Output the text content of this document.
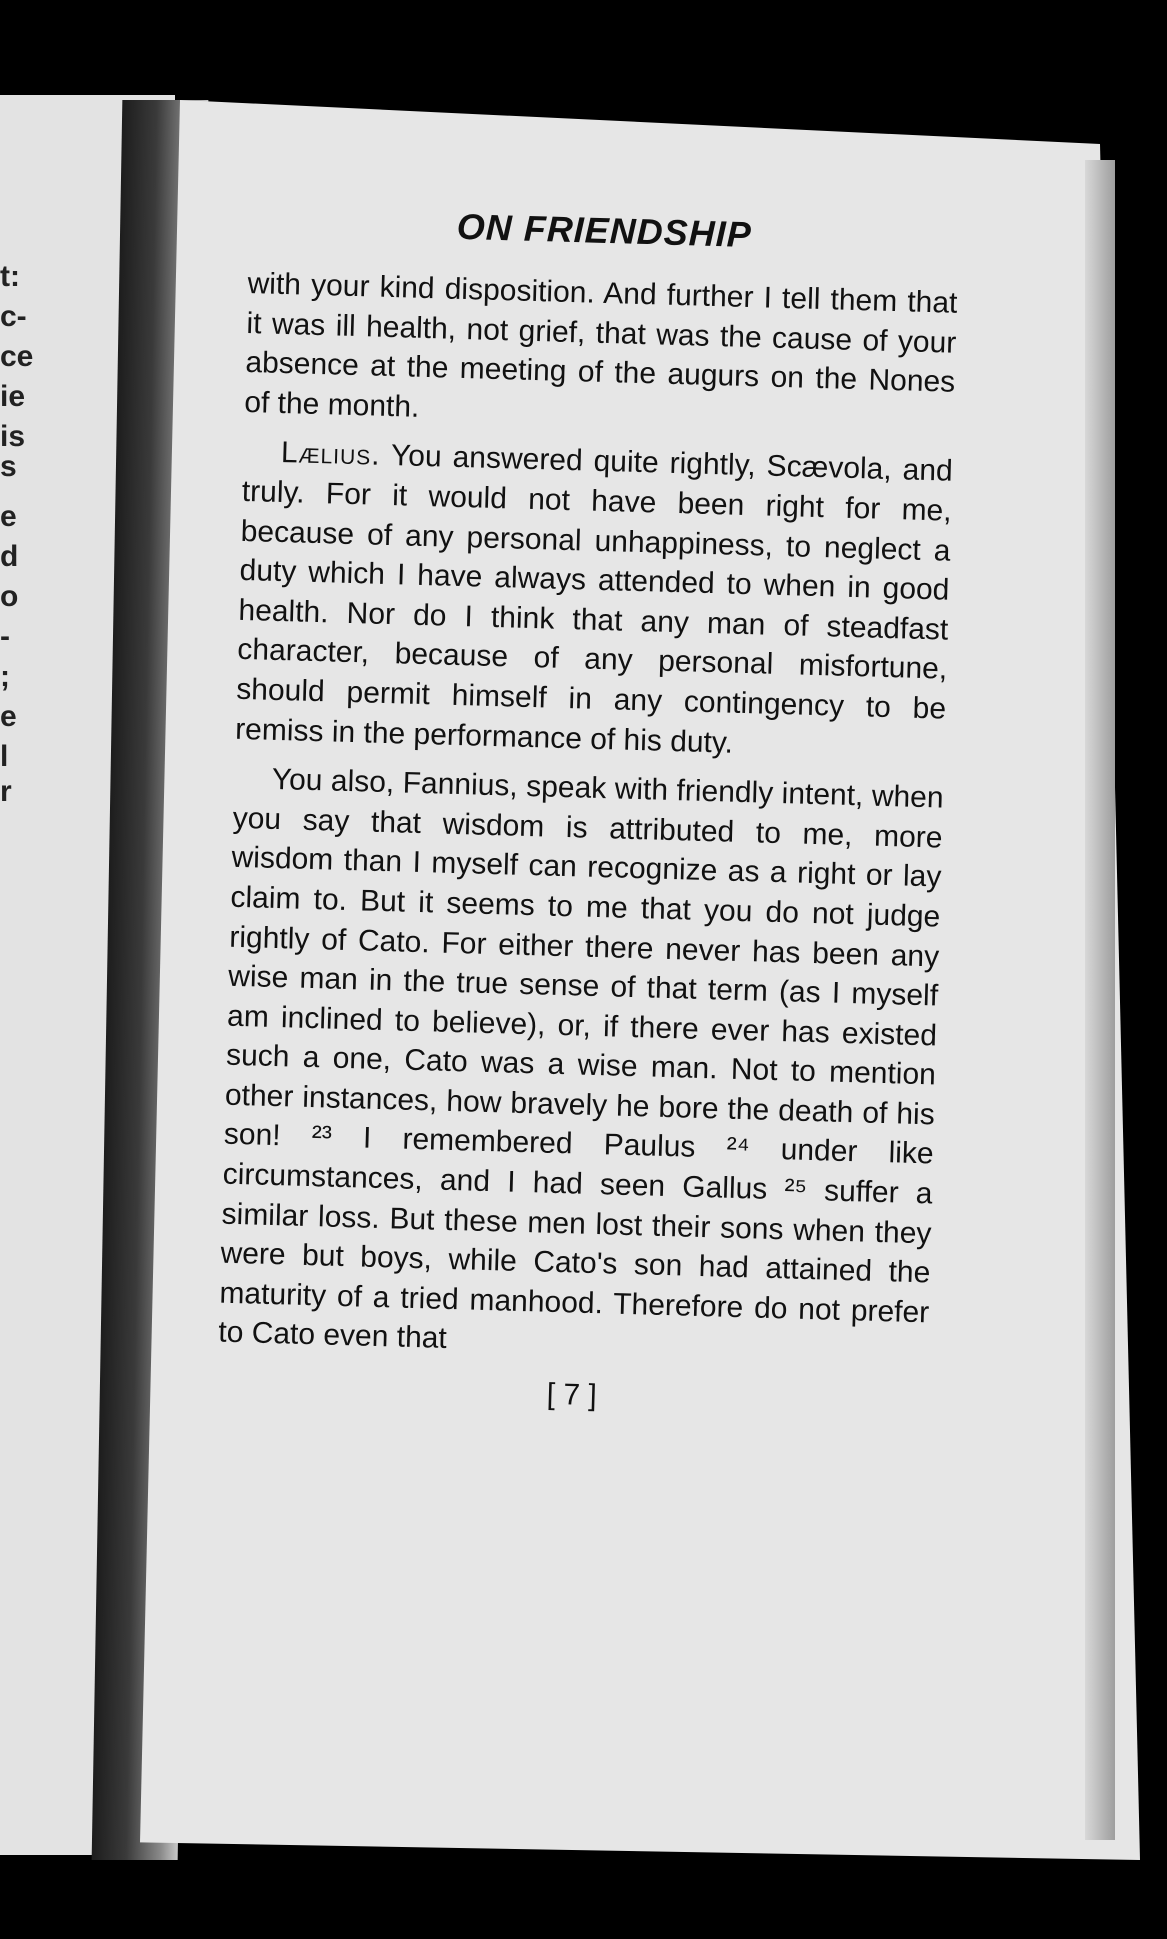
t:
c-
ce
ie
is
s
e
d
o
-
;
e
l
r
ON FRIENDSHIP

with your kind disposition. And further I tell them that it was ill health, not grief, that was the cause of your absence at the meeting of the augurs on the Nones of the month.

Lælius. You answered quite rightly, Scævola, and truly. For it would not have been right for me, because of any personal unhappiness, to neglect a duty which I have always attended to when in good health. Nor do I think that any man of steadfast character, because of any personal misfortune, should permit himself in any contingency to be remiss in the performance of his duty.

You also, Fannius, speak with friendly intent, when you say that wisdom is attributed to me, more wisdom than I myself can recognize as a right or lay claim to. But it seems to me that you do not judge rightly of Cato. For either there never has been any wise man in the true sense of that term (as I myself am inclined to believe), or, if there ever has existed such a one, Cato was a wise man. Not to mention other instances, how bravely he bore the death of his son! ²³ I remembered Paulus ²⁴ under like circumstances, and I had seen Gallus ²⁵ suffer a similar loss. But these men lost their sons when they were but boys, while Cato's son had attained the maturity of a tried manhood. Therefore do not prefer to Cato even that

[ 7 ]
